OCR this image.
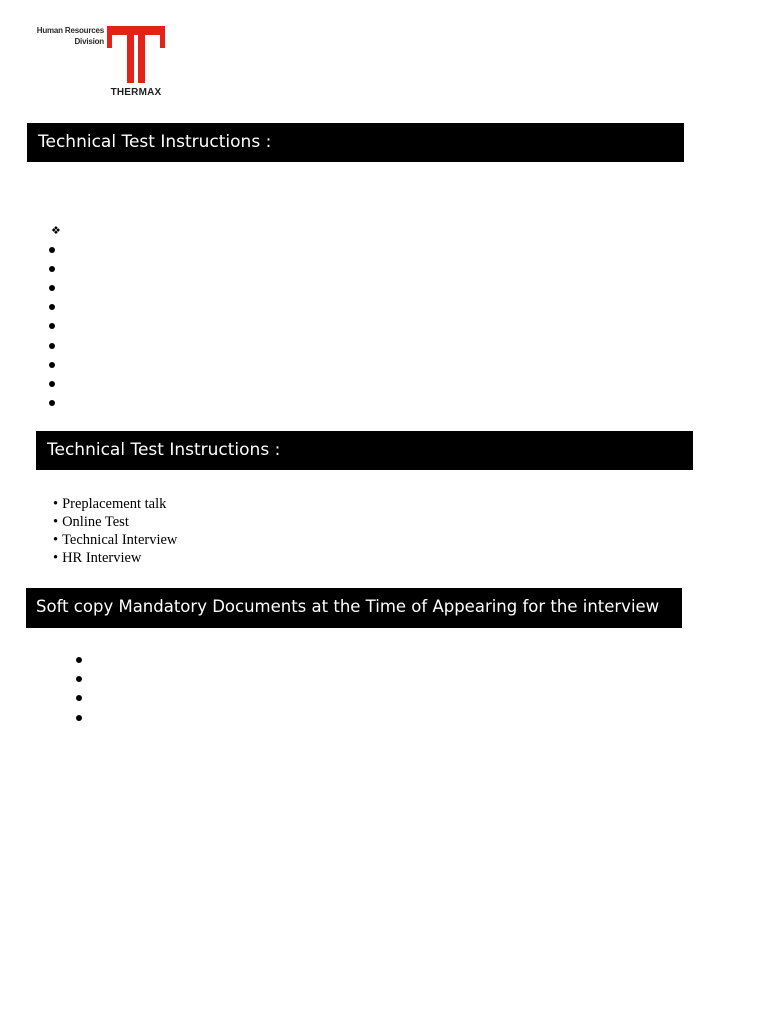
Human Resources
Division
THERMAX
Technical Test Instructions :
❖
Technical Test Instructions :
• Preplacement talk
• Online Test
• Technical Interview
• HR Interview
Soft copy Mandatory Documents at the Time of Appearing for the interview
